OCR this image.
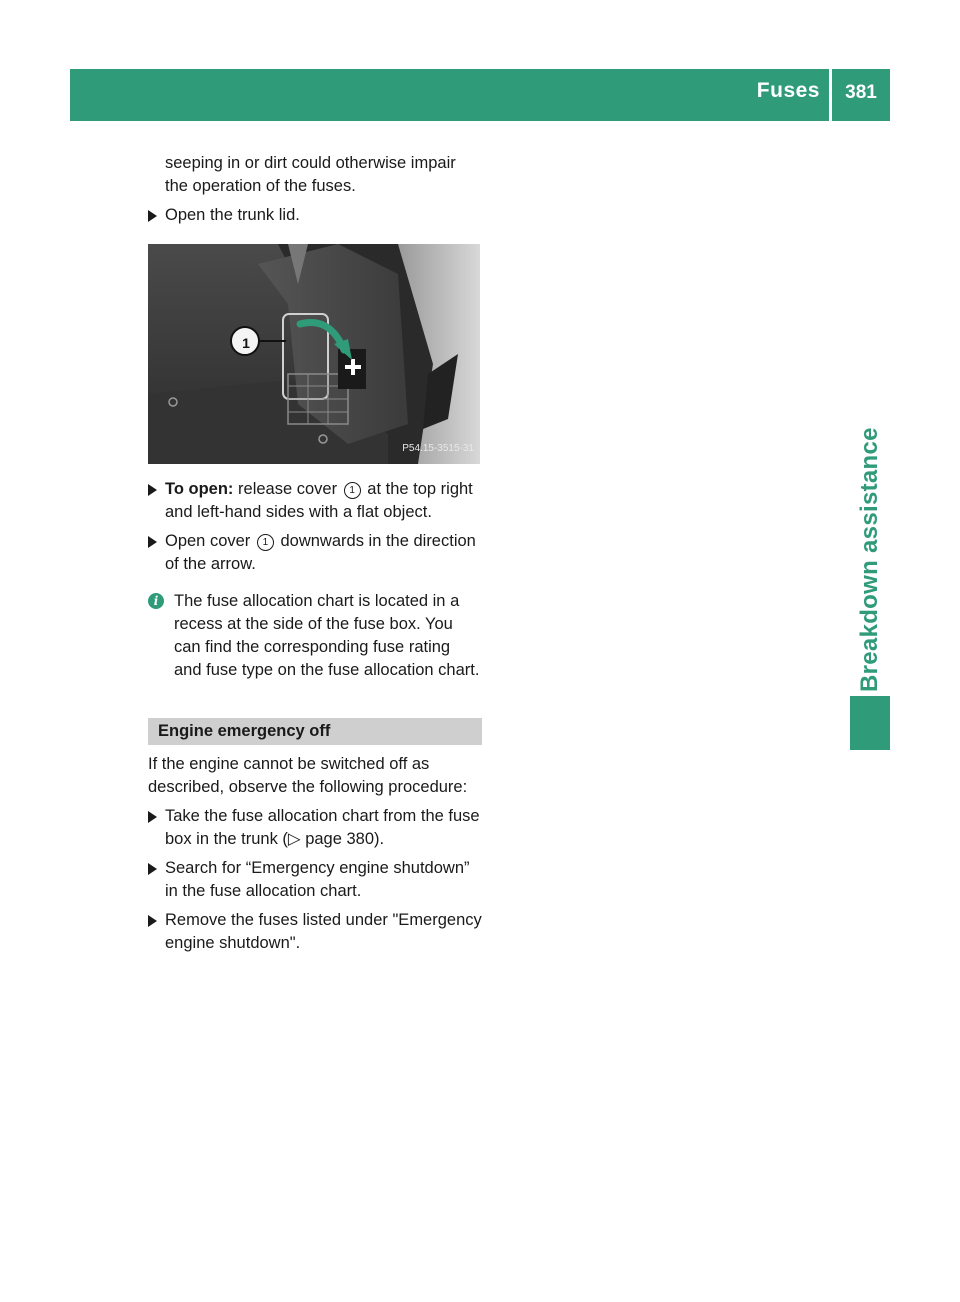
Fuses	381
Breakdown assistance

seeping in or dirt could otherwise impair the operation of the fuses.

Open the trunk lid.
1
P54.15-3515-31
To open: release cover 1 at the top right and left-hand sides with a flat object.
Open cover 1 downwards in the direction of the arrow.
i The fuse allocation chart is located in a recess at the side of the fuse box. You can find the corresponding fuse rating and fuse type on the fuse allocation chart.
Engine emergency off

If the engine cannot be switched off as described, observe the following procedure:

Take the fuse allocation chart from the fuse box in the trunk (▷ page 380).
Search for “Emergency engine shutdown” in the fuse allocation chart.
Remove the fuses listed under "Emergency engine shutdown".
